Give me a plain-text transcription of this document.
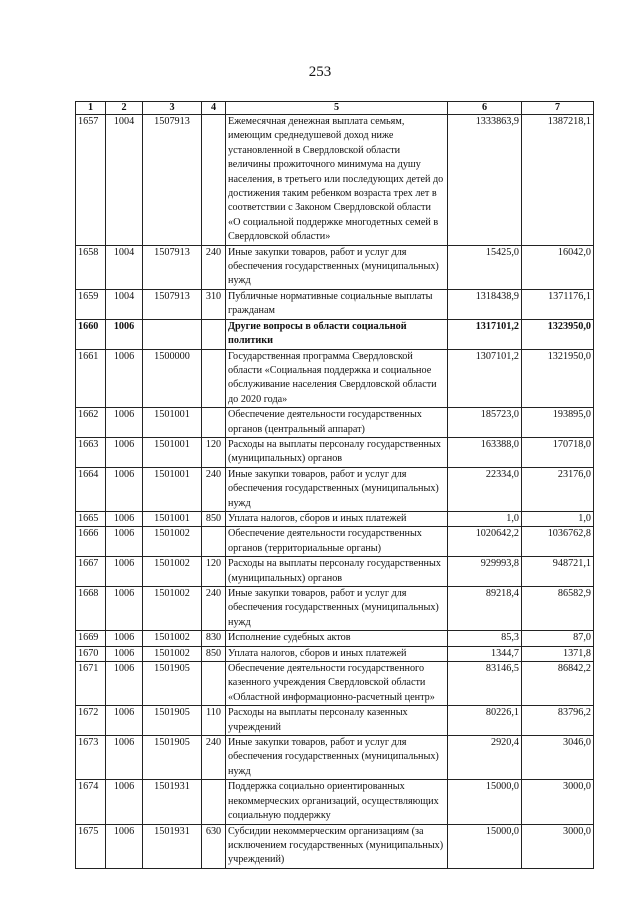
253
1	2	3	4	5	6	7
1657	1004	1507913		Ежемесячная денежная выплата семьям, имеющим среднедушевой доход ниже установленной в Свердловской области величины прожиточного минимума на душу населения, в третьего или последующих детей до достижения таким ребенком возраста трех лет в соответствии с Законом Свердловской области «О социальной поддержке многодетных семей в Свердловской области»	1333863,9	1387218,1
1658	1004	1507913	240	Иные закупки товаров, работ и услуг для обеспечения государственных (муниципальных) нужд	15425,0	16042,0
1659	1004	1507913	310	Публичные нормативные социальные выплаты гражданам	1318438,9	1371176,1
1660	1006			Другие вопросы в области социальной политики	1317101,2	1323950,0
1661	1006	1500000		Государственная программа Свердловской области «Социальная поддержка и социальное обслуживание населения Свердловской области до 2020 года»	1307101,2	1321950,0
1662	1006	1501001		Обеспечение деятельности государственных органов (центральный аппарат)	185723,0	193895,0
1663	1006	1501001	120	Расходы на выплаты персоналу государственных (муниципальных) органов	163388,0	170718,0
1664	1006	1501001	240	Иные закупки товаров, работ и услуг для обеспечения государственных (муниципальных) нужд	22334,0	23176,0
1665	1006	1501001	850	Уплата налогов, сборов и иных платежей	1,0	1,0
1666	1006	1501002		Обеспечение деятельности государственных органов (территориальные органы)	1020642,2	1036762,8
1667	1006	1501002	120	Расходы на выплаты персоналу государственных (муниципальных) органов	929993,8	948721,1
1668	1006	1501002	240	Иные закупки товаров, работ и услуг для обеспечения государственных (муниципальных) нужд	89218,4	86582,9
1669	1006	1501002	830	Исполнение судебных актов	85,3	87,0
1670	1006	1501002	850	Уплата налогов, сборов и иных платежей	1344,7	1371,8
1671	1006	1501905		Обеспечение деятельности государственного казенного учреждения Свердловской области «Областной информационно-расчетный центр»	83146,5	86842,2
1672	1006	1501905	110	Расходы на выплаты персоналу казенных учреждений	80226,1	83796,2
1673	1006	1501905	240	Иные закупки товаров, работ и услуг для обеспечения государственных (муниципальных) нужд	2920,4	3046,0
1674	1006	1501931		Поддержка социально ориентированных некоммерческих организаций, осуществляющих социальную поддержку	15000,0	3000,0
1675	1006	1501931	630	Субсидии некоммерческим организациям (за исключением государственных (муниципальных) учреждений)	15000,0	3000,0
